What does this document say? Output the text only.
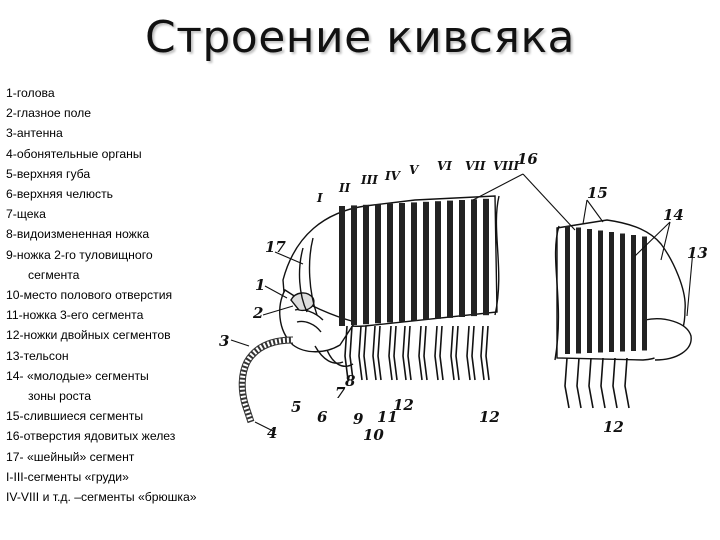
Строение кивсяка
1-голова
2-глазное поле
3-антенна
4-обонятельные органы
5-верхняя губа
6-верхняя челюсть
7-щека
8-видоизмененная ножка
9-ножка 2-го туловищного
сегмента
10-место полового отверстия
11-ножка 3-его сегмента
12-ножки двойных сегментов
13-тельсон
14- «молодые» сегменты
зоны роста
15-слившиеся сегменты
16-отверстия ядовитых желез
17- «шейный» сегмент
I-III-сегменты «груди»
IV-VIII и т.д. –сегменты «брюшка»
1
2
3
4
5
6
7
8
9
10
11
12
12
12
13
14
15
16
17
I
II
III IV V VI VII VIII
